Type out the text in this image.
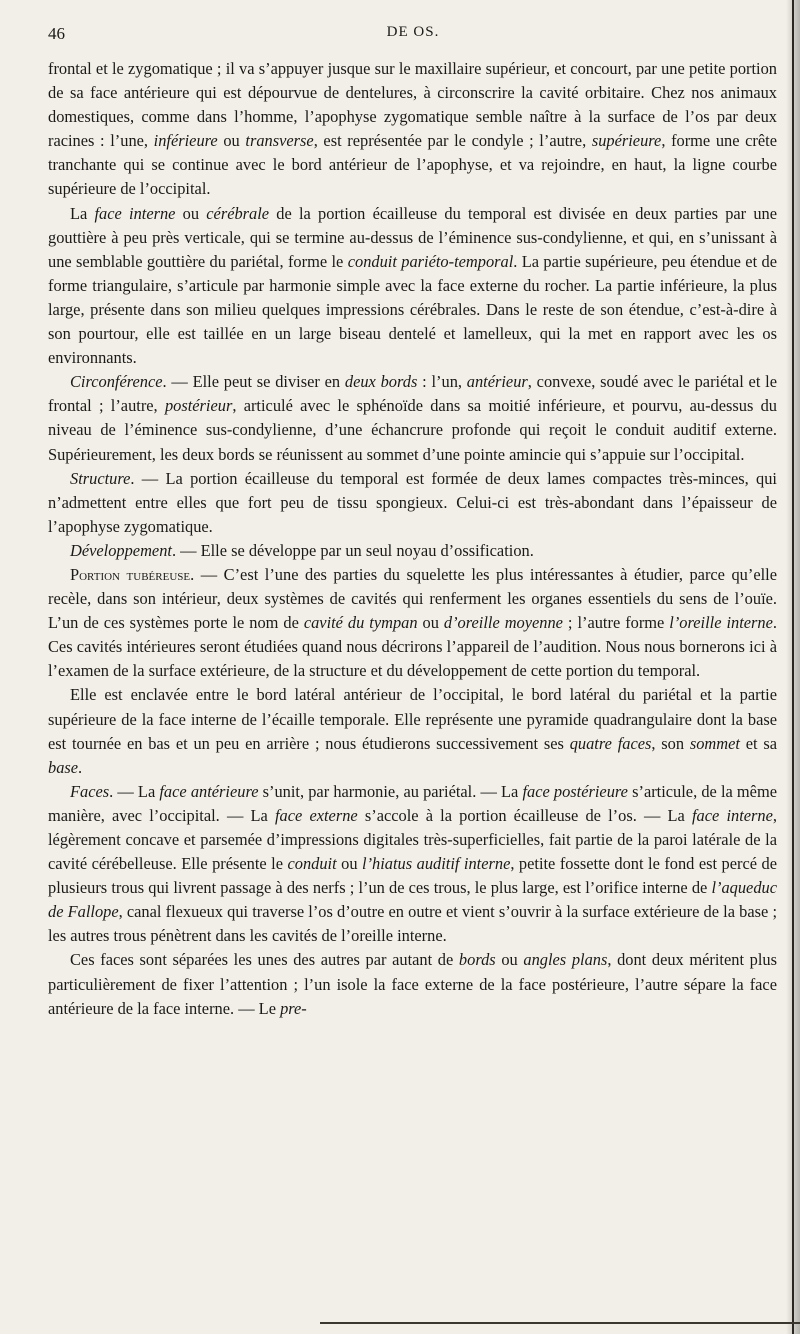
46	DE OS.

frontal et le zygomatique ; il va s’appuyer jusque sur le maxillaire supérieur, et concourt, par une petite portion de sa face antérieure qui est dépourvue de dentelures, à circonscrire la cavité orbitaire. Chez nos animaux domestiques, comme dans l’homme, l’apophyse zygomatique semble naître à la surface de l’os par deux racines : l’une, inférieure ou transverse, est représentée par le condyle ; l’autre, supérieure, forme une crête tranchante qui se continue avec le bord antérieur de l’apophyse, et va rejoindre, en haut, la ligne courbe supérieure de l’occipital.

La face interne ou cérébrale de la portion écailleuse du temporal est divisée en deux parties par une gouttière à peu près verticale, qui se termine au-dessus de l’éminence sus-condylienne, et qui, en s’unissant à une semblable gouttière du pariétal, forme le conduit pariéto-temporal. La partie supérieure, peu étendue et de forme triangulaire, s’articule par harmonie simple avec la face externe du rocher. La partie inférieure, la plus large, présente dans son milieu quelques impressions cérébrales. Dans le reste de son étendue, c’est-à-dire à son pourtour, elle est taillée en un large biseau dentelé et lamelleux, qui la met en rapport avec les os environnants.

Circonférence. — Elle peut se diviser en deux bords : l’un, antérieur, convexe, soudé avec le pariétal et le frontal ; l’autre, postérieur, articulé avec le sphénoïde dans sa moitié inférieure, et pourvu, au-dessus du niveau de l’éminence sus-condylienne, d’une échancrure profonde qui reçoit le conduit auditif externe. Supérieurement, les deux bords se réunissent au sommet d’une pointe amincie qui s’appuie sur l’occipital.

Structure. — La portion écailleuse du temporal est formée de deux lames compactes très-minces, qui n’admettent entre elles que fort peu de tissu spongieux. Celui-ci est très-abondant dans l’épaisseur de l’apophyse zygomatique.

Développement. — Elle se développe par un seul noyau d’ossification.

Portion tubéreuse. — C’est l’une des parties du squelette les plus intéressantes à étudier, parce qu’elle recèle, dans son intérieur, deux systèmes de cavités qui renferment les organes essentiels du sens de l’ouïe. L’un de ces systèmes porte le nom de cavité du tympan ou d’oreille moyenne ; l’autre forme l’oreille interne. Ces cavités intérieures seront étudiées quand nous décrirons l’appareil de l’audition. Nous nous bornerons ici à l’examen de la surface extérieure, de la structure et du développement de cette portion du temporal.

Elle est enclavée entre le bord latéral antérieur de l’occipital, le bord latéral du pariétal et la partie supérieure de la face interne de l’écaille temporale. Elle représente une pyramide quadrangulaire dont la base est tournée en bas et un peu en arrière ; nous étudierons successivement ses quatre faces, son sommet et sa base.

Faces. — La face antérieure s’unit, par harmonie, au pariétal. — La face postérieure s’articule, de la même manière, avec l’occipital. — La face externe s’accole à la portion écailleuse de l’os. — La face interne, légèrement concave et parsemée d’impressions digitales très-superficielles, fait partie de la paroi latérale de la cavité cérébelleuse. Elle présente le conduit ou l’hiatus auditif interne, petite fossette dont le fond est percé de plusieurs trous qui livrent passage à des nerfs ; l’un de ces trous, le plus large, est l’orifice interne de l’aqueduc de Fallope, canal flexueux qui traverse l’os d’outre en outre et vient s’ouvrir à la surface extérieure de la base ; les autres trous pénètrent dans les cavités de l’oreille interne.

Ces faces sont séparées les unes des autres par autant de bords ou angles plans, dont deux méritent plus particulièrement de fixer l’attention ; l’un isole la face externe de la face postérieure, l’autre sépare la face antérieure de la face interne. — Le pre-
